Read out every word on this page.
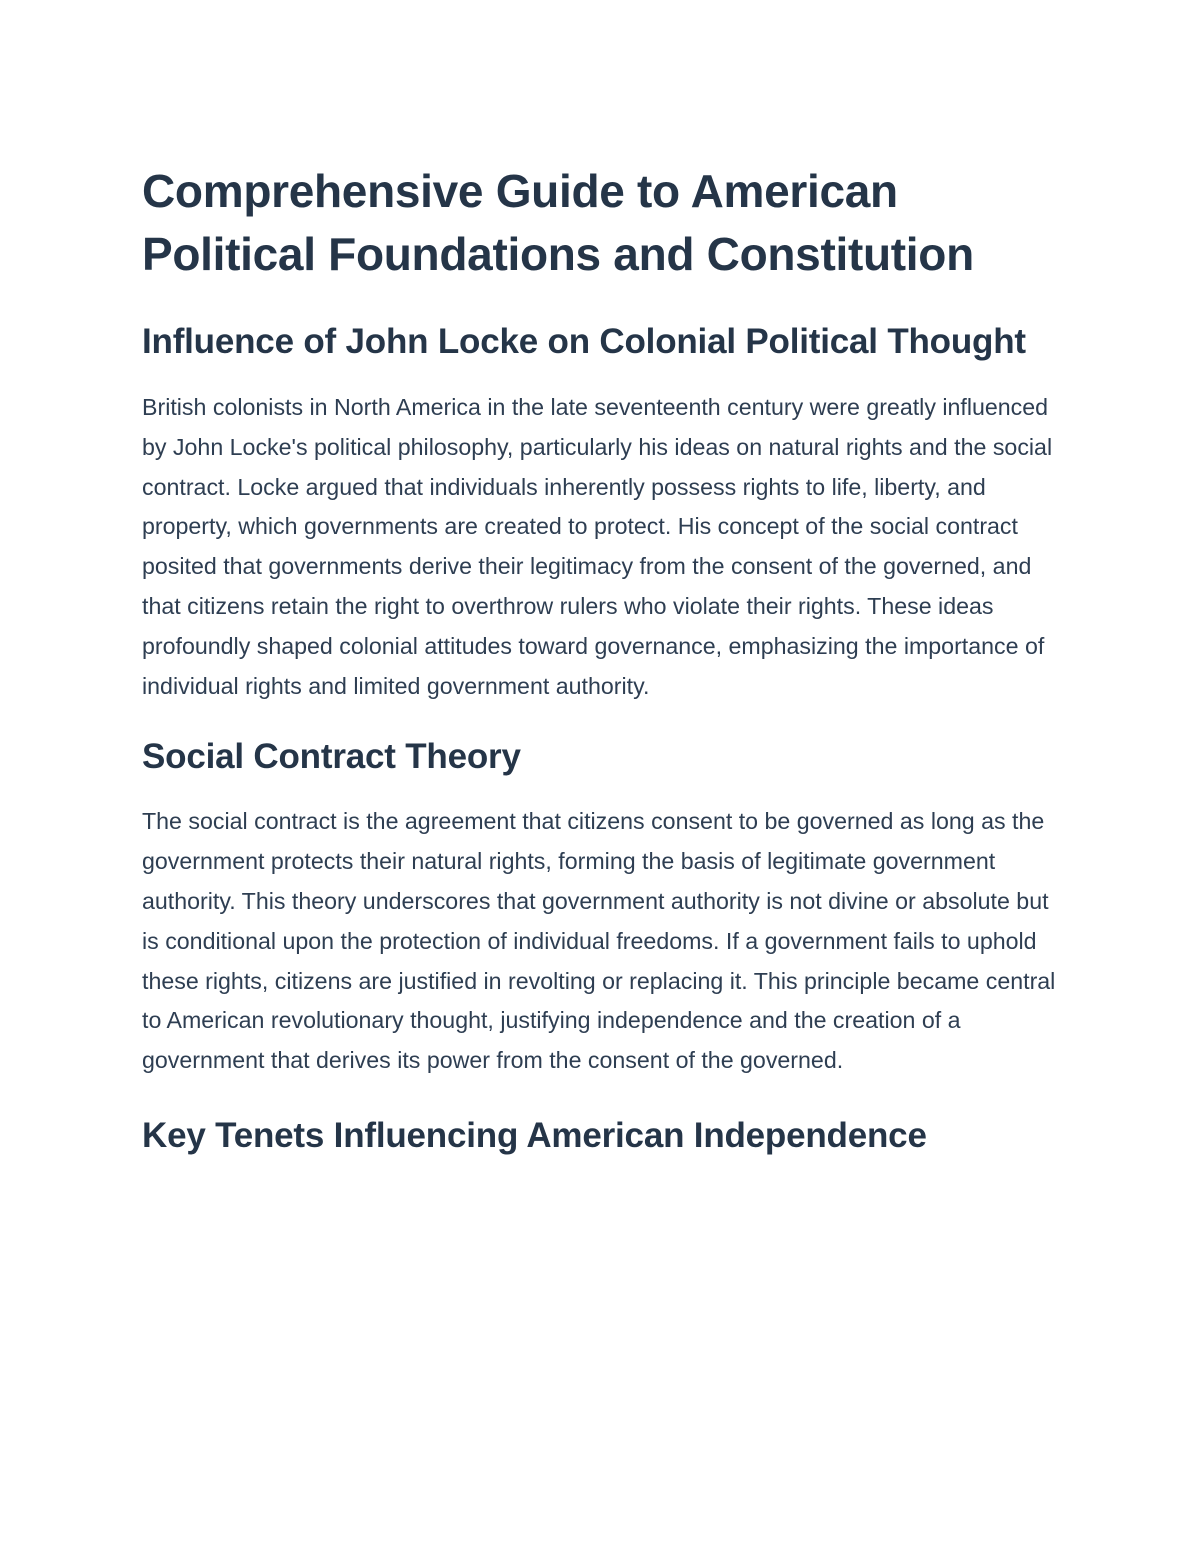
Comprehensive Guide to American Political Foundations and Constitution
Influence of John Locke on Colonial Political Thought

British colonists in North America in the late seventeenth century were greatly influenced by John Locke's political philosophy, particularly his ideas on natural rights and the social contract. Locke argued that individuals inherently possess rights to life, liberty, and property, which governments are created to protect. His concept of the social contract posited that governments derive their legitimacy from the consent of the governed, and that citizens retain the right to overthrow rulers who violate their rights. These ideas profoundly shaped colonial attitudes toward governance, emphasizing the importance of individual rights and limited government authority.

Social Contract Theory

The social contract is the agreement that citizens consent to be governed as long as the government protects their natural rights, forming the basis of legitimate government authority. This theory underscores that government authority is not divine or absolute but is conditional upon the protection of individual freedoms. If a government fails to uphold these rights, citizens are justified in revolting or replacing it. This principle became central to American revolutionary thought, justifying independence and the creation of a government that derives its power from the consent of the governed.

Key Tenets Influencing American Independence
